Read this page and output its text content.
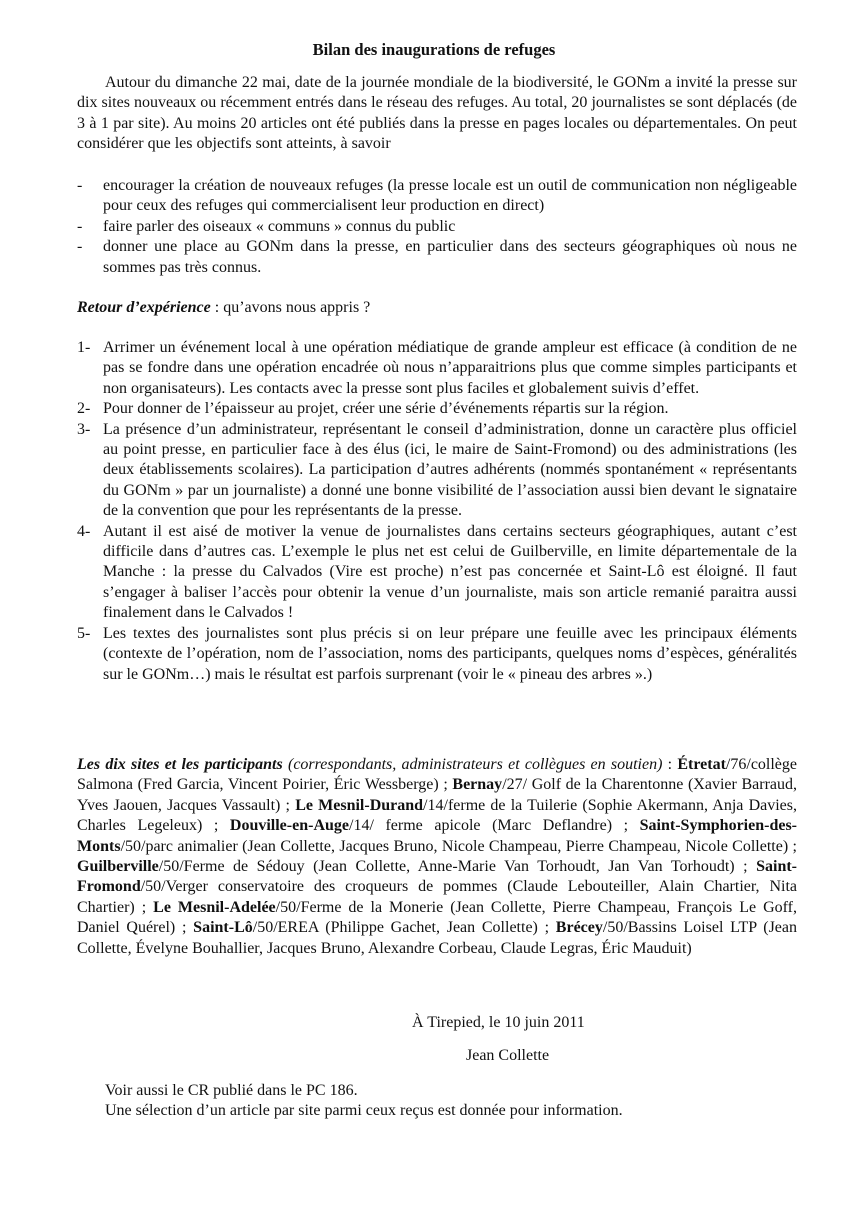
Bilan des inaugurations de refuges

Autour du dimanche 22 mai, date de la journée mondiale de la biodiversité, le GONm a invité la presse sur dix sites nouveaux ou récemment entrés dans le réseau des refuges. Au total, 20 journalistes se sont déplacés (de 3 à 1 par site). Au moins 20 articles ont été publiés dans la presse en pages locales ou départementales. On peut considérer que les objectifs sont atteints, à savoir

- encourager la création de nouveaux refuges (la presse locale est un outil de communication non négligeable pour ceux des refuges qui commercialisent leur production en direct)
- faire parler des oiseaux « communs » connus du public
- donner une place au GONm dans la presse, en particulier dans des secteurs géographiques où nous ne sommes pas très connus.

Retour d’expérience : qu’avons nous appris ?

1- Arrimer un événement local à une opération médiatique de grande ampleur est efficace (à condition de ne pas se fondre dans une opération encadrée où nous n’apparaitrions plus que comme simples participants et non organisateurs). Les contacts avec la presse sont plus faciles et globalement suivis d’effet.
2- Pour donner de l’épaisseur au projet, créer une série d’événements répartis sur la région.
3- La présence d’un administrateur, représentant le conseil d’administration, donne un caractère plus officiel au point presse, en particulier face à des élus (ici, le maire de Saint-Fromond) ou des administrations (les deux établissements scolaires). La participation d’autres adhérents (nommés spontanément « représentants du GONm » par un journaliste) a donné une bonne visibilité de l’association aussi bien devant le signataire de la convention que pour les représentants de la presse.
4- Autant il est aisé de motiver la venue de journalistes dans certains secteurs géographiques, autant c’est difficile dans d’autres cas. L’exemple le plus net est celui de Guilberville, en limite départementale de la Manche : la presse du Calvados (Vire est proche) n’est pas concernée et Saint-Lô est éloigné. Il faut s’engager à baliser l’accès pour obtenir la venue d’un journaliste, mais son article remanié paraitra aussi finalement dans le Calvados !
5- Les textes des journalistes sont plus précis si on leur prépare une feuille avec les principaux éléments (contexte de l’opération, nom de l’association, noms des participants, quelques noms d’espèces, généralités sur le GONm…) mais le résultat est parfois surprenant (voir le « pineau des arbres ».)

Les dix sites et les participants (correspondants, administrateurs et collègues en soutien) : Étretat/76/collège Salmona (Fred Garcia, Vincent Poirier, Éric Wessberge) ; Bernay/27/ Golf de la Charentonne (Xavier Barraud, Yves Jaouen, Jacques Vassault) ; Le Mesnil-Durand/14/ferme de la Tuilerie (Sophie Akermann, Anja Davies, Charles Legeleux) ; Douville-en-Auge/14/ ferme apicole (Marc Deflandre) ; Saint-Symphorien-des-Monts/50/parc animalier (Jean Collette, Jacques Bruno, Nicole Champeau, Pierre Champeau, Nicole Collette) ; Guilberville/50/Ferme de Sédouy (Jean Collette, Anne-Marie Van Torhoudt, Jan Van Torhoudt) ; Saint-Fromond/50/Verger conservatoire des croqueurs de pommes (Claude Lebouteiller, Alain Chartier, Nita Chartier) ; Le Mesnil-Adelée/50/Ferme de la Monerie (Jean Collette, Pierre Champeau, François Le Goff, Daniel Quérel) ; Saint-Lô/50/EREA (Philippe Gachet, Jean Collette) ; Brécey/50/Bassins Loisel LTP (Jean Collette, Évelyne Bouhallier, Jacques Bruno, Alexandre Corbeau, Claude Legras, Éric Mauduit)

À Tirepied, le 10 juin 2011
Jean Collette
Voir aussi le CR publié dans le PC 186.
Une sélection d’un article par site parmi ceux reçus est donnée pour information.
